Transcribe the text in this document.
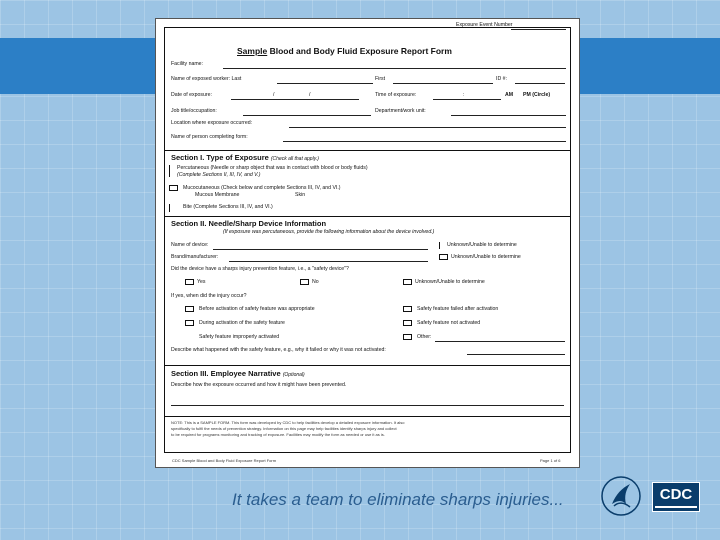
Exposure Event Number
Sample Blood and Body Fluid Exposure Report Form
Facility name:
Name of exposed worker: Last	First	ID #:
Date of exposure:	/	/	Time of exposure:	:	AM PM (Circle)
Job title/occupation:	Department/work unit:
Location where exposure occurred:
Name of person completing form:
Section I. Type of Exposure (Check all that apply.)
Percutaneous (Needle or sharp object that was in contact with blood or body fluids)
(Complete Sections II, III, IV, and V.)
Mucocutaneous (Check below and complete Sections III, IV, and VI.)
Mucous Membrane	Skin
Bite (Complete Sections III, IV, and VI.)
Section II. Needle/Sharp Device Information
(If exposure was percutaneous, provide the following information about the device involved.)
Name of device:	Unknown/Unable to determine
Brand/manufacturer:	Unknown/Unable to determine
Did the device have a sharps injury prevention feature, i.e., a "safety device"?
Yes	No	Unknown/Unable to determine
If yes, when did the injury occur?
Before activation of safety feature was appropriate	Safety feature failed after activation
During activation of the safety feature	Safety feature not activated
Safety feature improperly activated	Other:
Describe what happened with the safety feature, e.g., why it failed or why it was not activated:
Section III. Employee Narrative (Optional)
Describe how the exposure occurred and how it might have been prevented.
NOTE: This is a SAMPLE FORM. This form was developed by CDC to help facilities develop a detailed exposure information. It also
specifically to fulfil the needs of prevention strategy. Information on this page may help facilities identify sharps injury and collect
to be required for programs monitoring and tracking of exposure. Facilities may modify the form as needed or use it as is.
CDC Sample Blood and Body Fluid Exposure Report Form	Page 1 of 6
It takes a team to eliminate sharps injuries...	CDC
